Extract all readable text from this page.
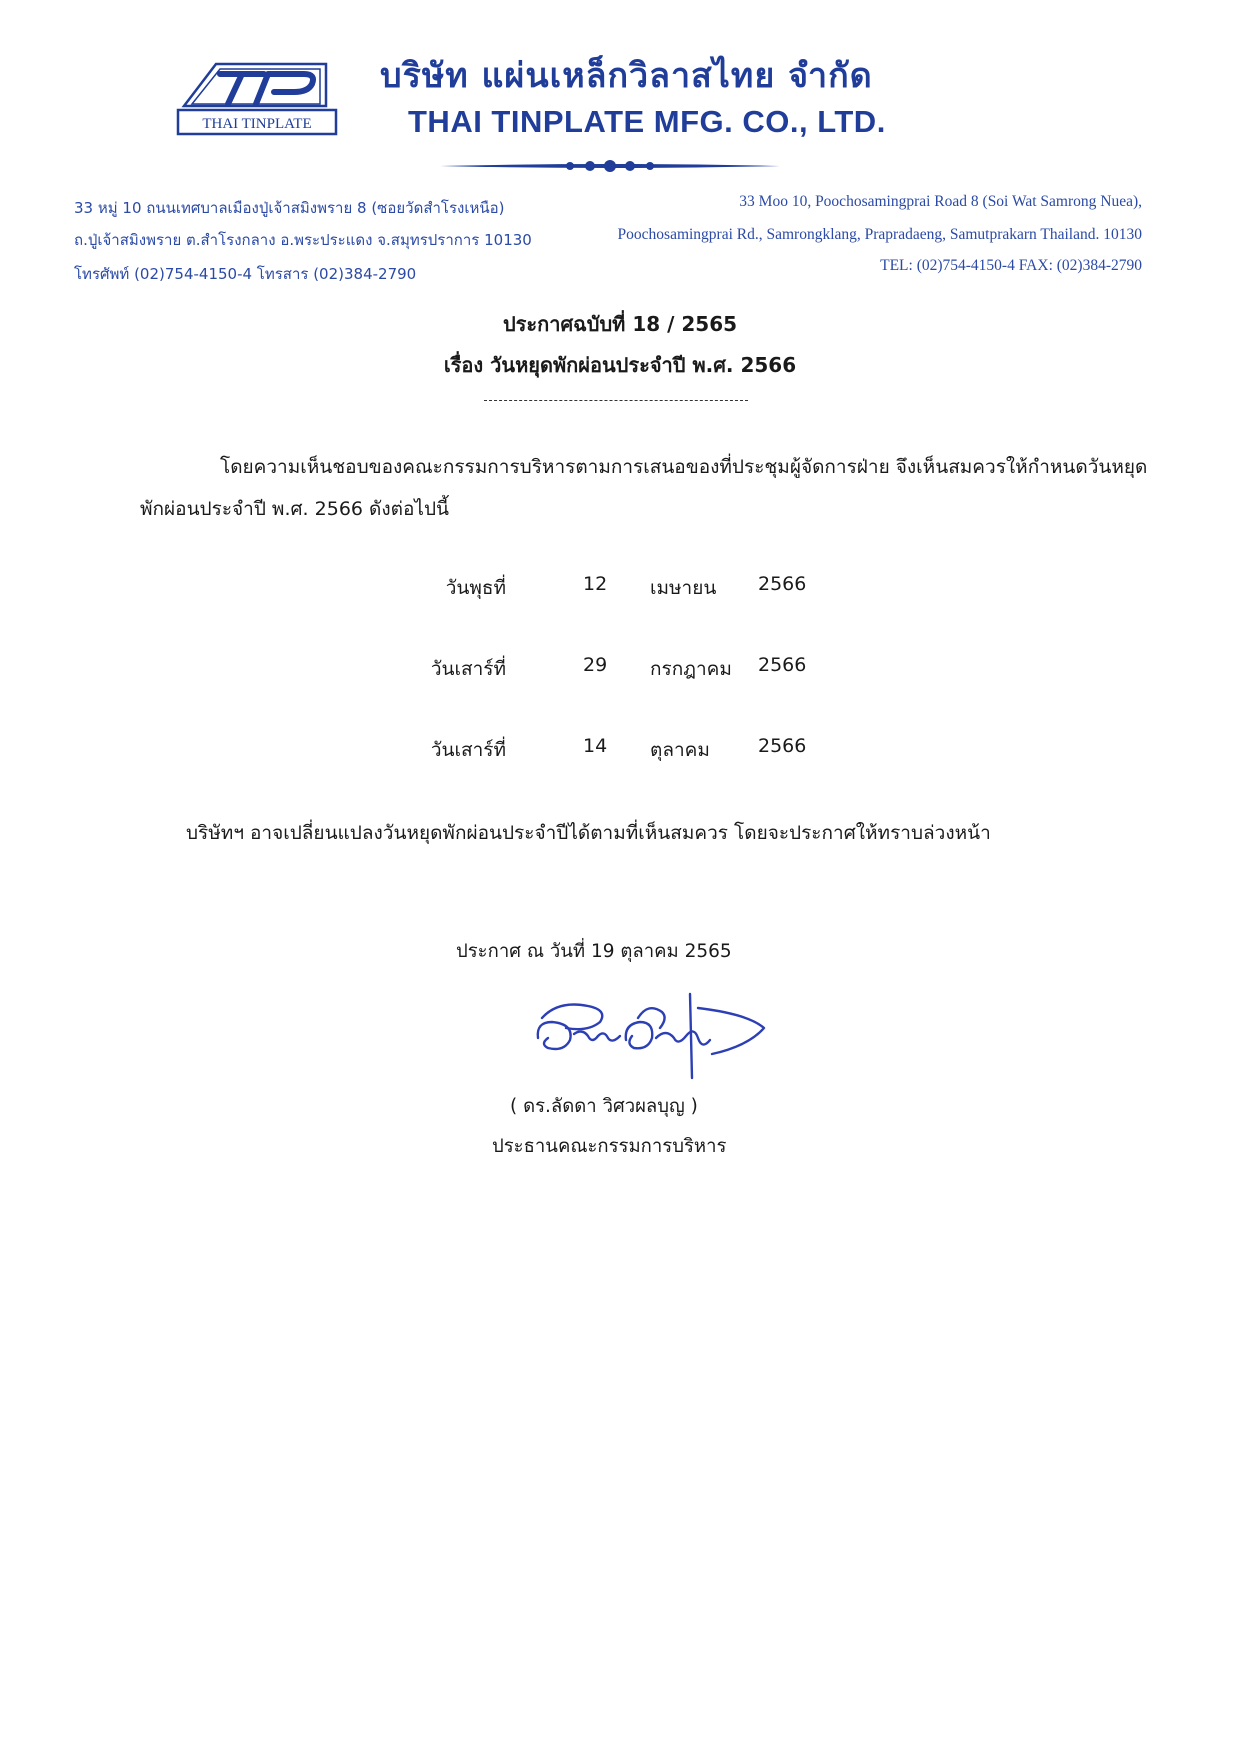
THAI TINPLATE
บริษัท แผ่นเหล็กวิลาสไทย จำกัด
THAI TINPLATE MFG. CO., LTD.
33 หมู่ 10 ถนนเทศบาลเมืองปู่เจ้าสมิงพราย 8 (ซอยวัดสำโรงเหนือ)
ถ.ปู่เจ้าสมิงพราย ต.สำโรงกลาง อ.พระประแดง จ.สมุทรปราการ 10130
โทรศัพท์ (02)754-4150-4 โทรสาร (02)384-2790
33 Moo 10, Poochosamingprai Road 8 (Soi Wat Samrong Nuea),
Poochosamingprai Rd., Samrongklang, Prapradaeng, Samutprakarn Thailand. 10130
TEL: (02)754-4150-4 FAX: (02)384-2790
ประกาศฉบับที่ 18 / 2565
เรื่อง วันหยุดพักผ่อนประจำปี พ.ศ. 2566
โดยความเห็นชอบของคณะกรรมการบริหารตามการเสนอของที่ประชุมผู้จัดการฝ่าย จึงเห็นสมควรให้กำหนดวันหยุด
พักผ่อนประจำปี พ.ศ. 2566 ดังต่อไปนี้
วันพุธที่	12 เมษายน 2566
วันเสาร์ที่	29 กรกฎาคม 2566
วันเสาร์ที่	14 ตุลาคม	2566
บริษัทฯ อาจเปลี่ยนแปลงวันหยุดพักผ่อนประจำปีได้ตามที่เห็นสมควร โดยจะประกาศให้ทราบล่วงหน้า
ประกาศ ณ วันที่ 19 ตุลาคม 2565
( ดร.ลัดดา วิศวผลบุญ )
ประธานคณะกรรมการบริหาร
